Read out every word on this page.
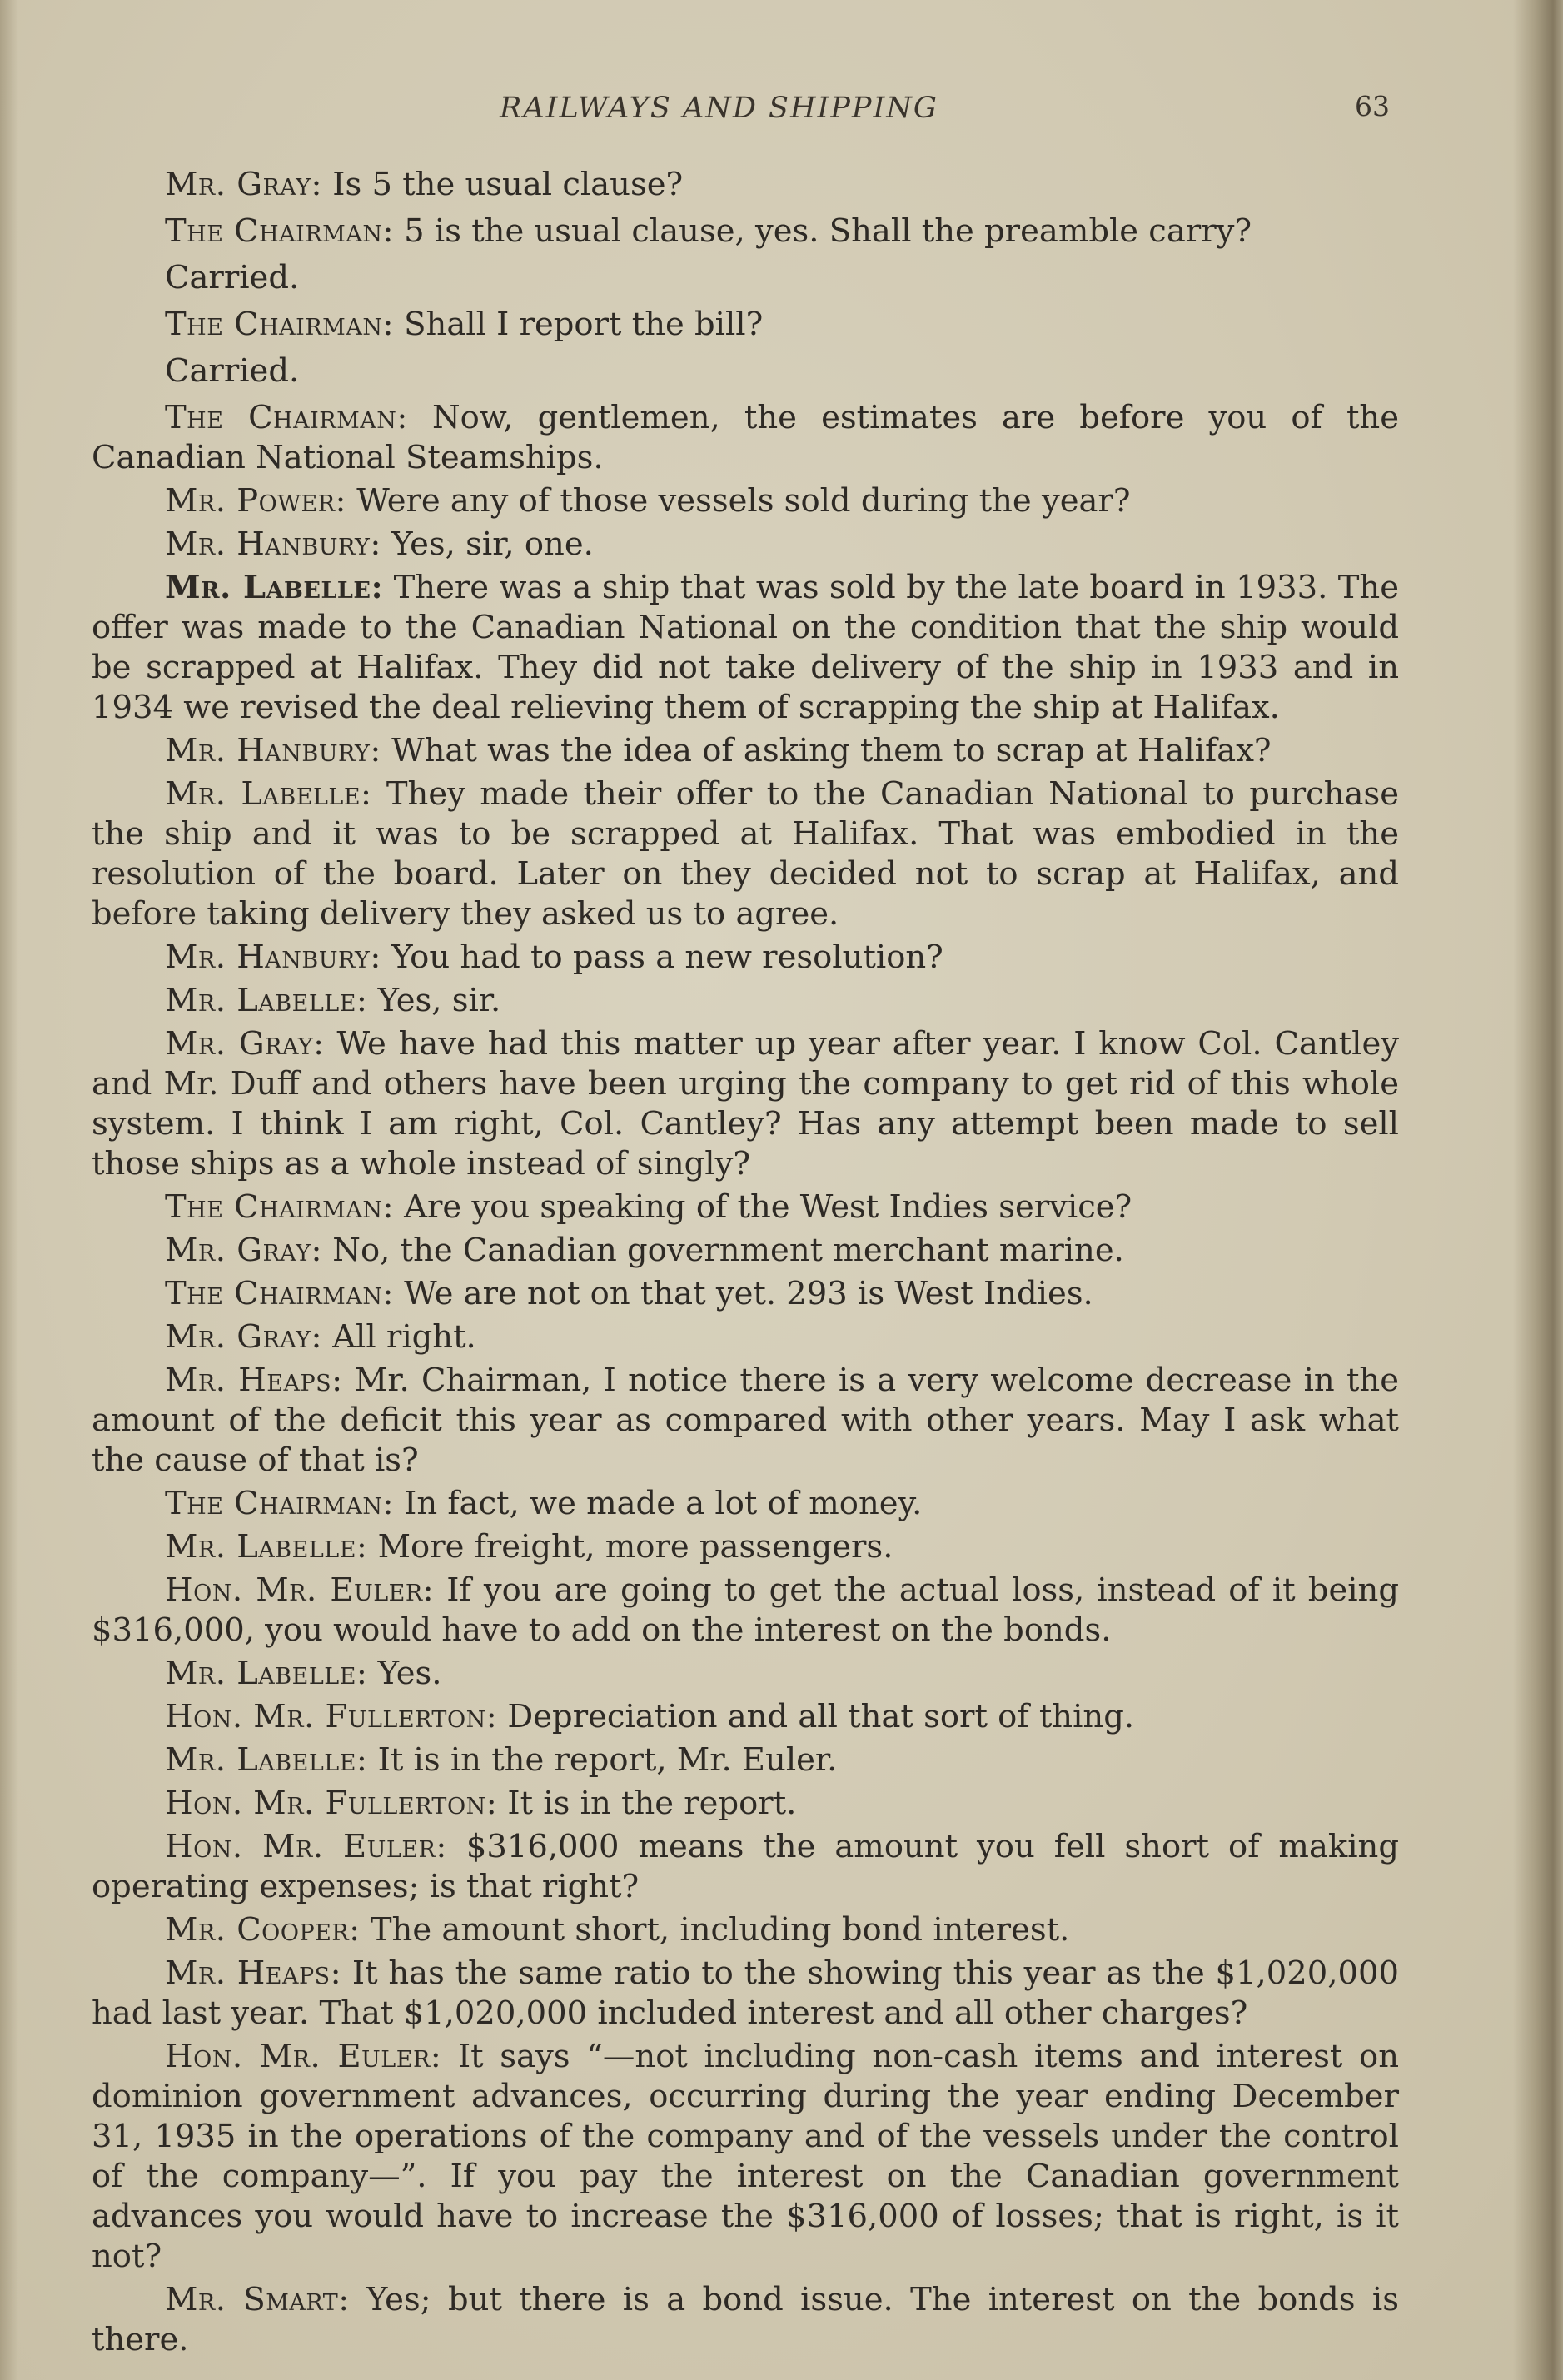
RAILWAYS AND SHIPPING	63

Mr. Gray: Is 5 the usual clause?

The Chairman: 5 is the usual clause, yes. Shall the preamble carry?

Carried.

The Chairman: Shall I report the bill?

Carried.

The Chairman: Now, gentlemen, the estimates are before you of the Canadian National Steamships.

Mr. Power: Were any of those vessels sold during the year?

Mr. Hanbury: Yes, sir, one.

Mr. Labelle: There was a ship that was sold by the late board in 1933. The offer was made to the Canadian National on the condition that the ship would be scrapped at Halifax. They did not take delivery of the ship in 1933 and in 1934 we revised the deal relieving them of scrapping the ship at Halifax.

Mr. Hanbury: What was the idea of asking them to scrap at Halifax?

Mr. Labelle: They made their offer to the Canadian National to purchase the ship and it was to be scrapped at Halifax. That was embodied in the resolution of the board. Later on they decided not to scrap at Halifax, and before taking delivery they asked us to agree.

Mr. Hanbury: You had to pass a new resolution?

Mr. Labelle: Yes, sir.

Mr. Gray: We have had this matter up year after year. I know Col. Cantley and Mr. Duff and others have been urging the company to get rid of this whole system. I think I am right, Col. Cantley? Has any attempt been made to sell those ships as a whole instead of singly?

The Chairman: Are you speaking of the West Indies service?

Mr. Gray: No, the Canadian government merchant marine.

The Chairman: We are not on that yet. 293 is West Indies.

Mr. Gray: All right.

Mr. Heaps: Mr. Chairman, I notice there is a very welcome decrease in the amount of the deficit this year as compared with other years. May I ask what the cause of that is?

The Chairman: In fact, we made a lot of money.

Mr. Labelle: More freight, more passengers.

Hon. Mr. Euler: If you are going to get the actual loss, instead of it being $316,000, you would have to add on the interest on the bonds.

Mr. Labelle: Yes.

Hon. Mr. Fullerton: Depreciation and all that sort of thing.

Mr. Labelle: It is in the report, Mr. Euler.

Hon. Mr. Fullerton: It is in the report.

Hon. Mr. Euler: $316,000 means the amount you fell short of making operating expenses; is that right?

Mr. Cooper: The amount short, including bond interest.

Mr. Heaps: It has the same ratio to the showing this year as the $1,020,000 had last year. That $1,020,000 included interest and all other charges?

Hon. Mr. Euler: It says “—not including non-cash items and interest on dominion government advances, occurring during the year ending December 31, 1935 in the operations of the company and of the vessels under the control of the company—”. If you pay the interest on the Canadian government advances you would have to increase the $316,000 of losses; that is right, is it not?

Mr. Smart: Yes; but there is a bond issue. The interest on the bonds is there.
